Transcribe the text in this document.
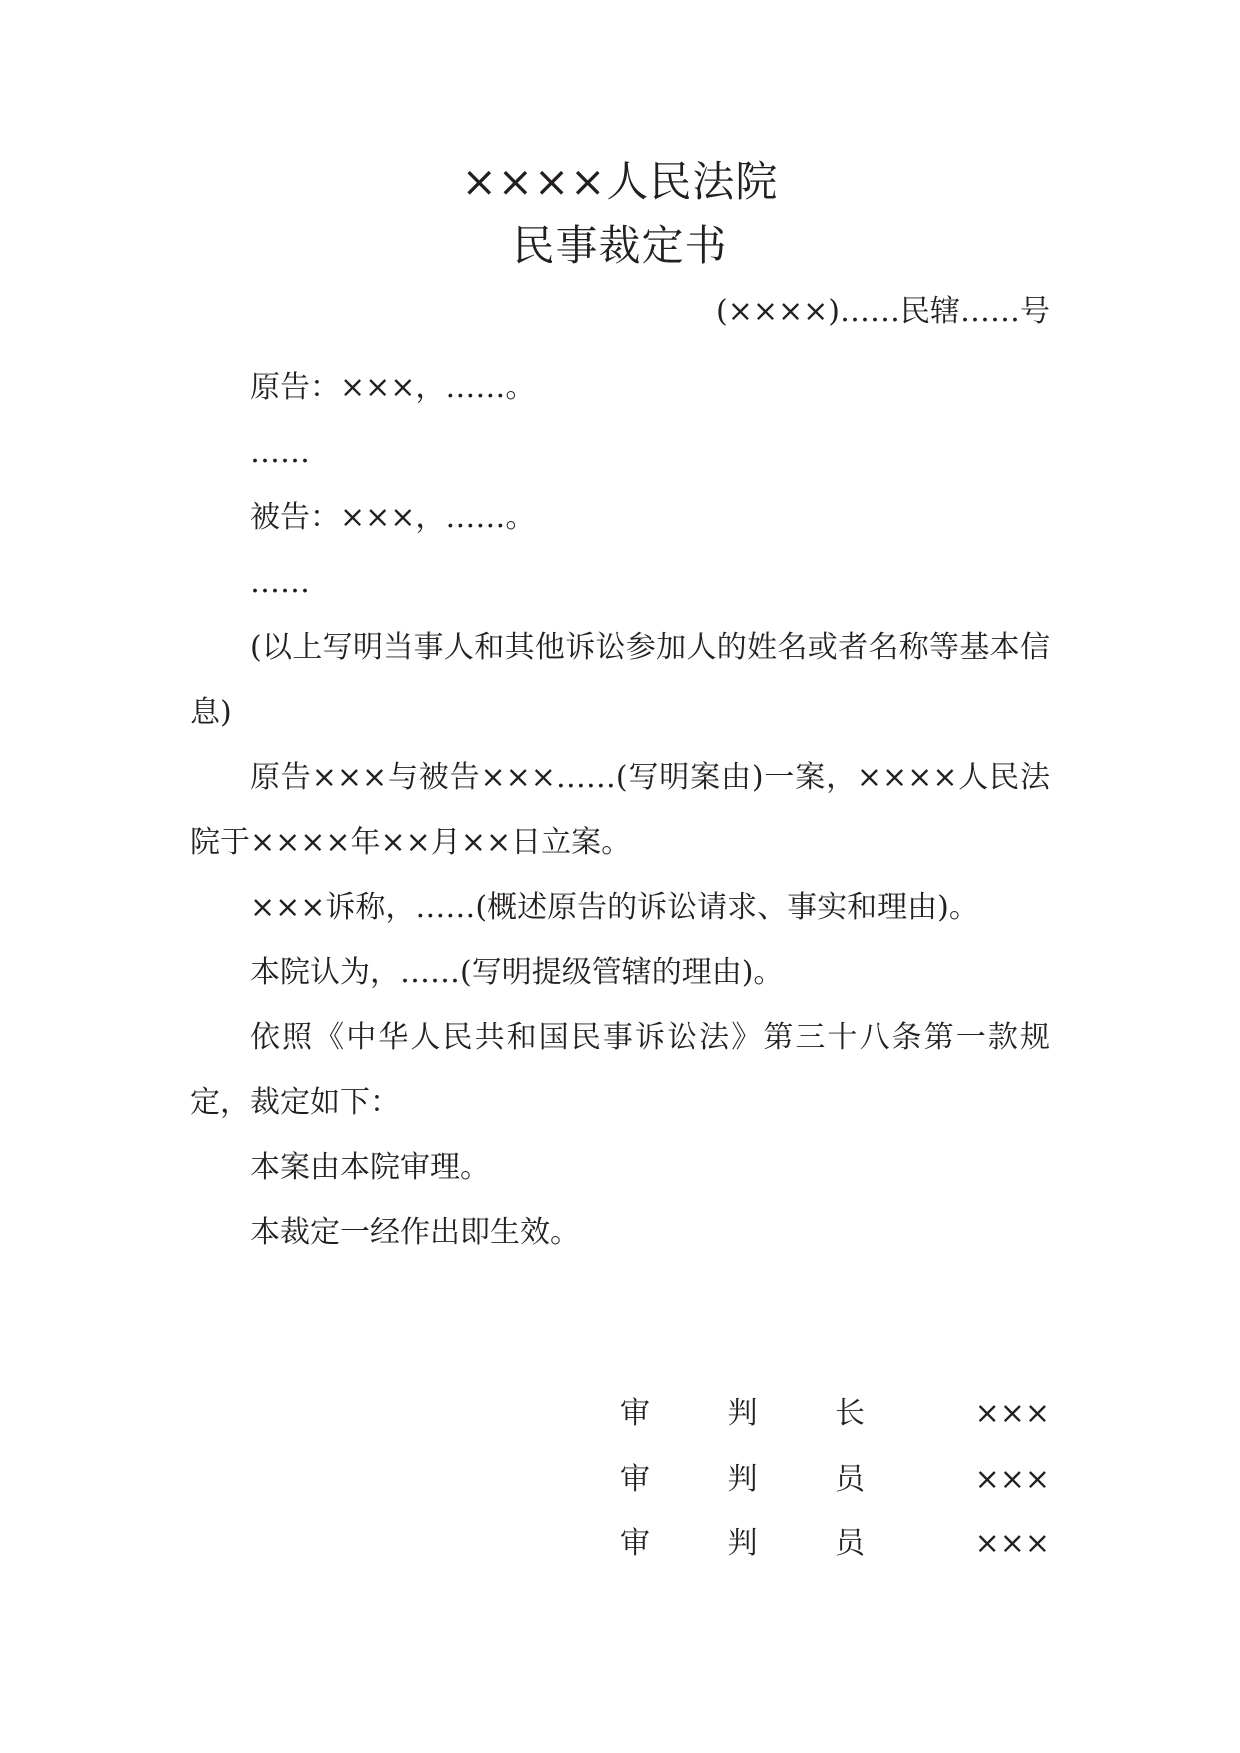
××××人民法院
民事裁定书
(××××)……民辖……号

原告：×××，……。

……

被告：×××，……。

……

(以上写明当事人和其他诉讼参加人的姓名或者名称等基本信息)

原告×××与被告×××……(写明案由)一案，××××人民法院于××××年××月××日立案。

×××诉称，……(概述原告的诉讼请求、事实和理由)。

本院认为，……(写明提级管辖的理由)。

依照《中华人民共和国民事诉讼法》第三十八条第一款规定，裁定如下：

本案由本院审理。

本裁定一经作出即生效。

审判长	×××
审判员	×××
审判员	×××
